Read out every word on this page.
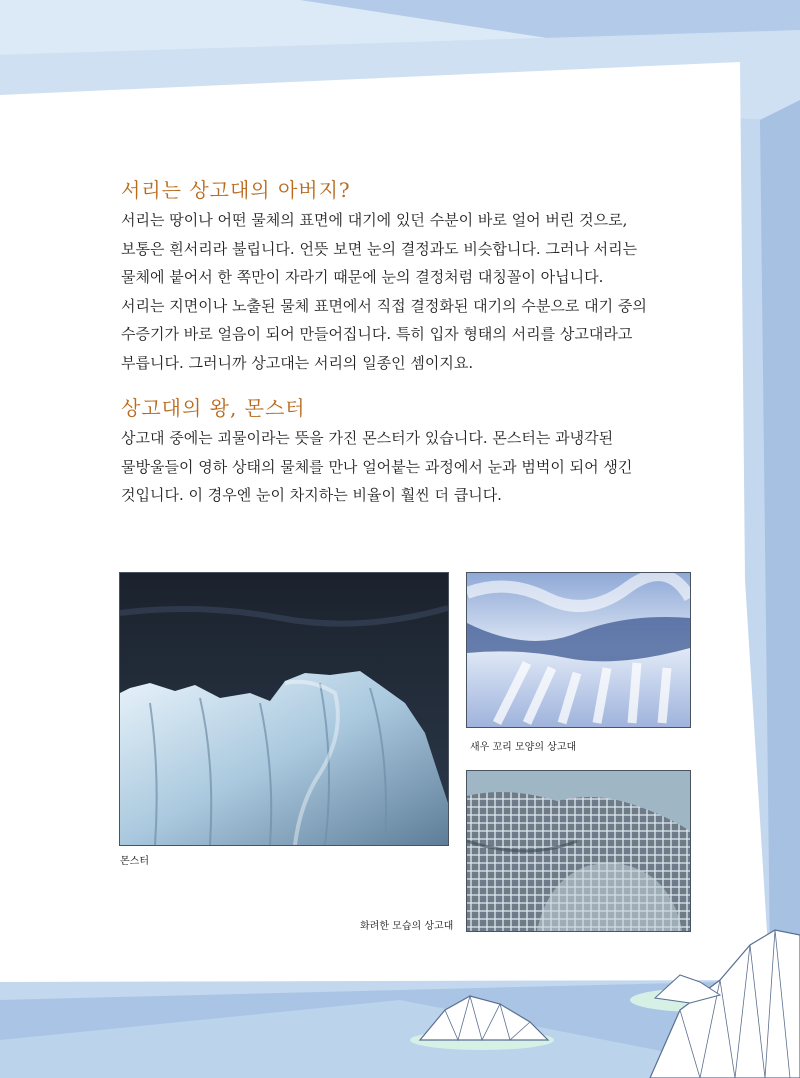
서리는 상고대의 아버지?

서리는 땅이나 어떤 물체의 표면에 대기에 있던 수분이 바로 얼어 버린 것으로,
보통은 흰서리라 불립니다. 언뜻 보면 눈의 결정과도 비슷합니다. 그러나 서리는
물체에 붙어서 한 쪽만이 자라기 때문에 눈의 결정처럼 대칭꼴이 아닙니다.
서리는 지면이나 노출된 물체 표면에서 직접 결정화된 대기의 수분으로 대기 중의
수증기가 바로 얼음이 되어 만들어집니다. 특히 입자 형태의 서리를 상고대라고
부릅니다. 그러니까 상고대는 서리의 일종인 셈이지요.

상고대의 왕, 몬스터

상고대 중에는 괴물이라는 뜻을 가진 몬스터가 있습니다. 몬스터는 과냉각된
물방울들이 영하 상태의 물체를 만나 얼어붙는 과정에서 눈과 범벅이 되어 생긴
것입니다. 이 경우엔 눈이 차지하는 비율이 훨씬 더 큽니다.

몬스터
새우 꼬리 모양의 상고대
화려한 모습의 상고대
